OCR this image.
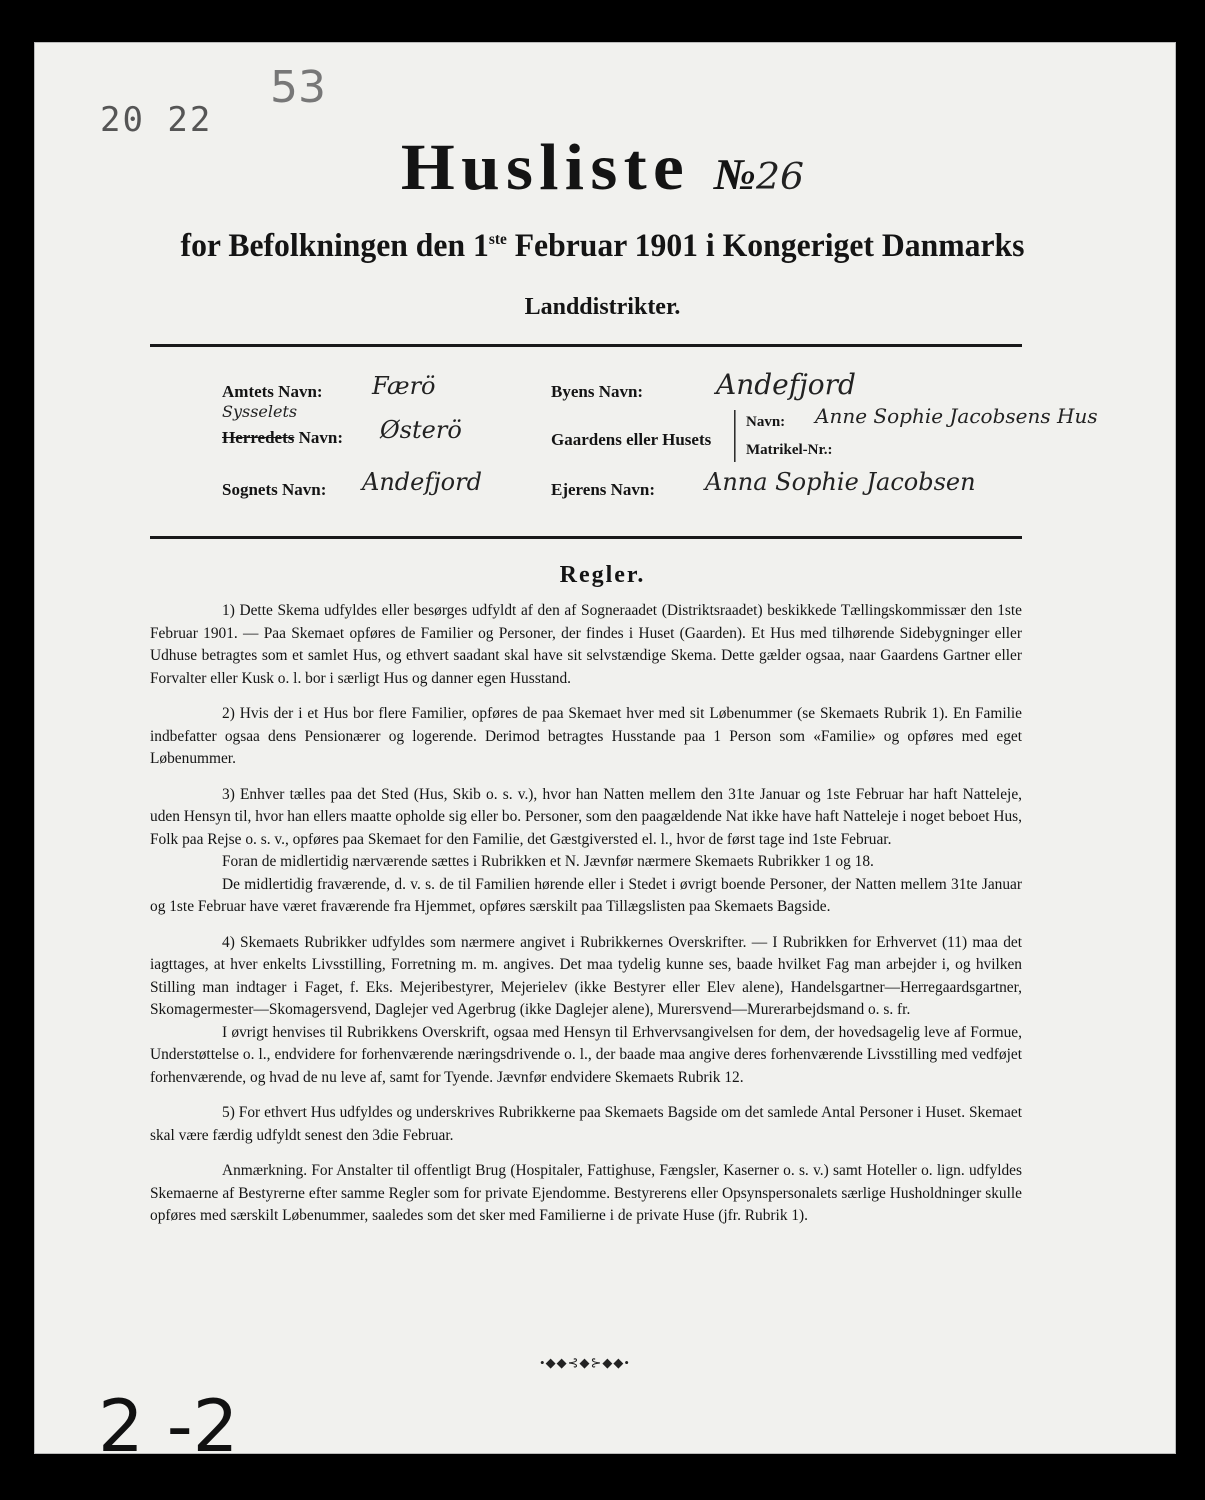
20 22
53
Husliste №26
for Befolkningen den 1ste Februar 1901 i Kongeriget Danmarks
Landdistrikter.
Amtets Navn: Færö
Sysselets
Herredets Navn: Østerö
Sognets Navn: Andefjord
Byens Navn:	Andefjord
Gaardens eller Husets
|
|
Navn: Anne Sophie Jacobsens Hus
Matrikel-Nr.:
Ejerens Navn: Anna Sophie Jacobsen
Regler.

1) Dette Skema udfyldes eller besørges udfyldt af den af Sogneraadet (Distriktsraadet) beskikkede Tællingskommissær den 1ste Februar 1901. — Paa Skemaet opføres de Familier og Personer, der findes i Huset (Gaarden). Et Hus med tilhørende Sidebygninger eller Udhuse betragtes som et samlet Hus, og ethvert saadant skal have sit selvstændige Skema. Dette gælder ogsaa, naar Gaardens Gartner eller Forvalter eller Kusk o. l. bor i særligt Hus og danner egen Husstand.

2) Hvis der i et Hus bor flere Familier, opføres de paa Skemaet hver med sit Løbenummer (se Skemaets Rubrik 1). En Familie indbefatter ogsaa dens Pensionærer og logerende. Derimod betragtes Husstande paa 1 Person som «Familie» og opføres med eget Løbenummer.

3) Enhver tælles paa det Sted (Hus, Skib o. s. v.), hvor han Natten mellem den 31te Januar og 1ste Februar har haft Natteleje, uden Hensyn til, hvor han ellers maatte opholde sig eller bo. Personer, som den paagældende Nat ikke have haft Natteleje i noget beboet Hus, Folk paa Rejse o. s. v., opføres paa Skemaet for den Familie, det Gæstgiversted el. l., hvor de først tage ind 1ste Februar.

Foran de midlertidig nærværende sættes i Rubrikken et N. Jævnfør nærmere Skemaets Rubrikker 1 og 18.

De midlertidig fraværende, d. v. s. de til Familien hørende eller i Stedet i øvrigt boende Personer, der Natten mellem 31te Januar og 1ste Februar have været fraværende fra Hjemmet, opføres særskilt paa Tillægslisten paa Skemaets Bagside.

4) Skemaets Rubrikker udfyldes som nærmere angivet i Rubrikkernes Overskrifter. — I Rubrikken for Erhvervet (11) maa det iagttages, at hver enkelts Livsstilling, Forretning m. m. angives. Det maa tydelig kunne ses, baade hvilket Fag man arbejder i, og hvilken Stilling man indtager i Faget, f. Eks. Mejeribestyrer, Mejerielev (ikke Bestyrer eller Elev alene), Handelsgartner—Herregaardsgartner, Skomagermester—Skomagersvend, Daglejer ved Agerbrug (ikke Daglejer alene), Murersvend—Murerarbejdsmand o. s. fr.

I øvrigt henvises til Rubrikkens Overskrift, ogsaa med Hensyn til Erhvervsangivelsen for dem, der hovedsagelig leve af Formue, Understøttelse o. l., endvidere for forhenværende næringsdrivende o. l., der baade maa angive deres forhenværende Livsstilling med vedføjet forhenværende, og hvad de nu leve af, samt for Tyende. Jævnfør endvidere Skemaets Rubrik 12.

5) For ethvert Hus udfyldes og underskrives Rubrikkerne paa Skemaets Bagside om det samlede Antal Personer i Huset. Skemaet skal være færdig udfyldt senest den 3die Februar.

Anmærkning. For Anstalter til offentligt Brug (Hospitaler, Fattighuse, Fængsler, Kaserner o. s. v.) samt Hoteller o. lign. udfyldes Skemaerne af Bestyrerne efter samme Regler som for private Ejendomme. Bestyrerens eller Opsynspersonalets særlige Husholdninger skulle opføres med særskilt Løbenummer, saaledes som det sker med Familierne i de private Huse (jfr. Rubrik 1).

•◆◆⊰◆⊱◆◆•
2 -2
